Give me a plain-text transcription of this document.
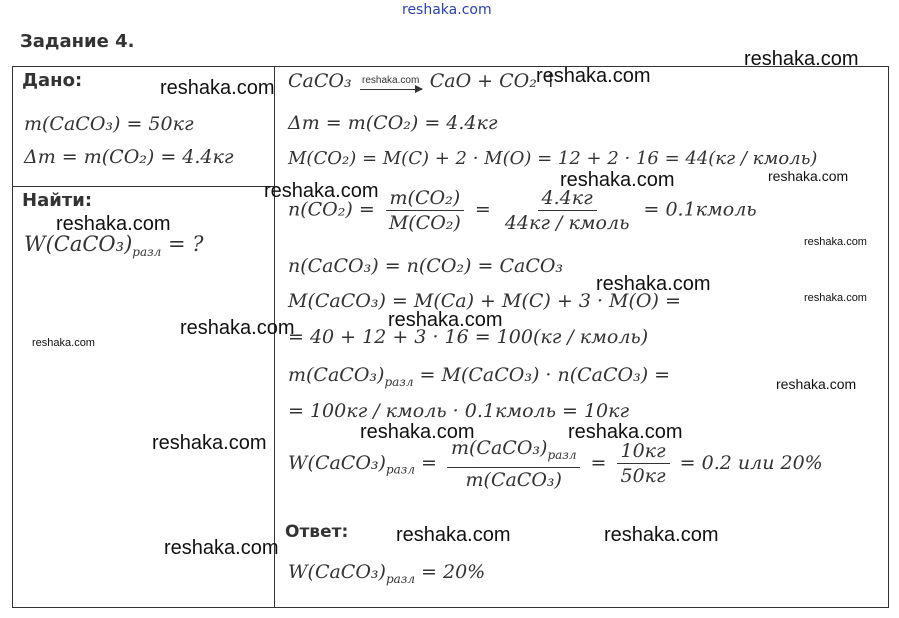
reshaka.com
Задание 4.
Дано:
m(CaCO₃) = 50кг
Δm = m(CO₂) = 4.4кг
Найти:
$W(CaCO_3)_{разл}$ = ?
CaCO₃ reshaka.com CaO + CO₂ ↑
Δm = m(CO₂) = 4.4кг
M(CO₂) = M(C) + 2 · M(O) = 12 + 2 · 16 = 44(кг / кмоль)
$n(CO_2) = \frac{\text{m(CO₂)}}{\text{M(CO₂)}} = \frac{4.4кг}{\text{44кг / кмоль}}$ = 0.1кмоль
n(CaCO₃) = n(CO₂) = CaCO₃
M(CaCO₃) = M(Ca) + M(C) + 3 · M(O) =
= 40 + 12 + 3 · 16 = 100(кг / кмоль)
$m(CaCO_3)_{разл}$ = M(CaCO₃) · n(CaCO₃) =
= 100кг / кмоль · 0.1кмоль = 10кг
$W(CaCO_3)_{разл} = \frac{m(CaCO_3)_{разл}}{\text{m(CaCO₃)}} = \frac{10кг}{50кг} = 0.2$ или 20%
Ответ:
$W(CaCO_3)_{разл} = 20\%$
reshaka.com
reshaka.com
reshaka.com
reshaka.com	reshaka.com
reshaka.com
reshaka.com
reshaka.com
reshaka.com
reshaka.com	reshaka.com
reshaka.com
reshaka.com	reshaka.com
reshaka.com
reshaka.com
reshaka.com
reshaka.com
reshaka.com
reshaka.com
